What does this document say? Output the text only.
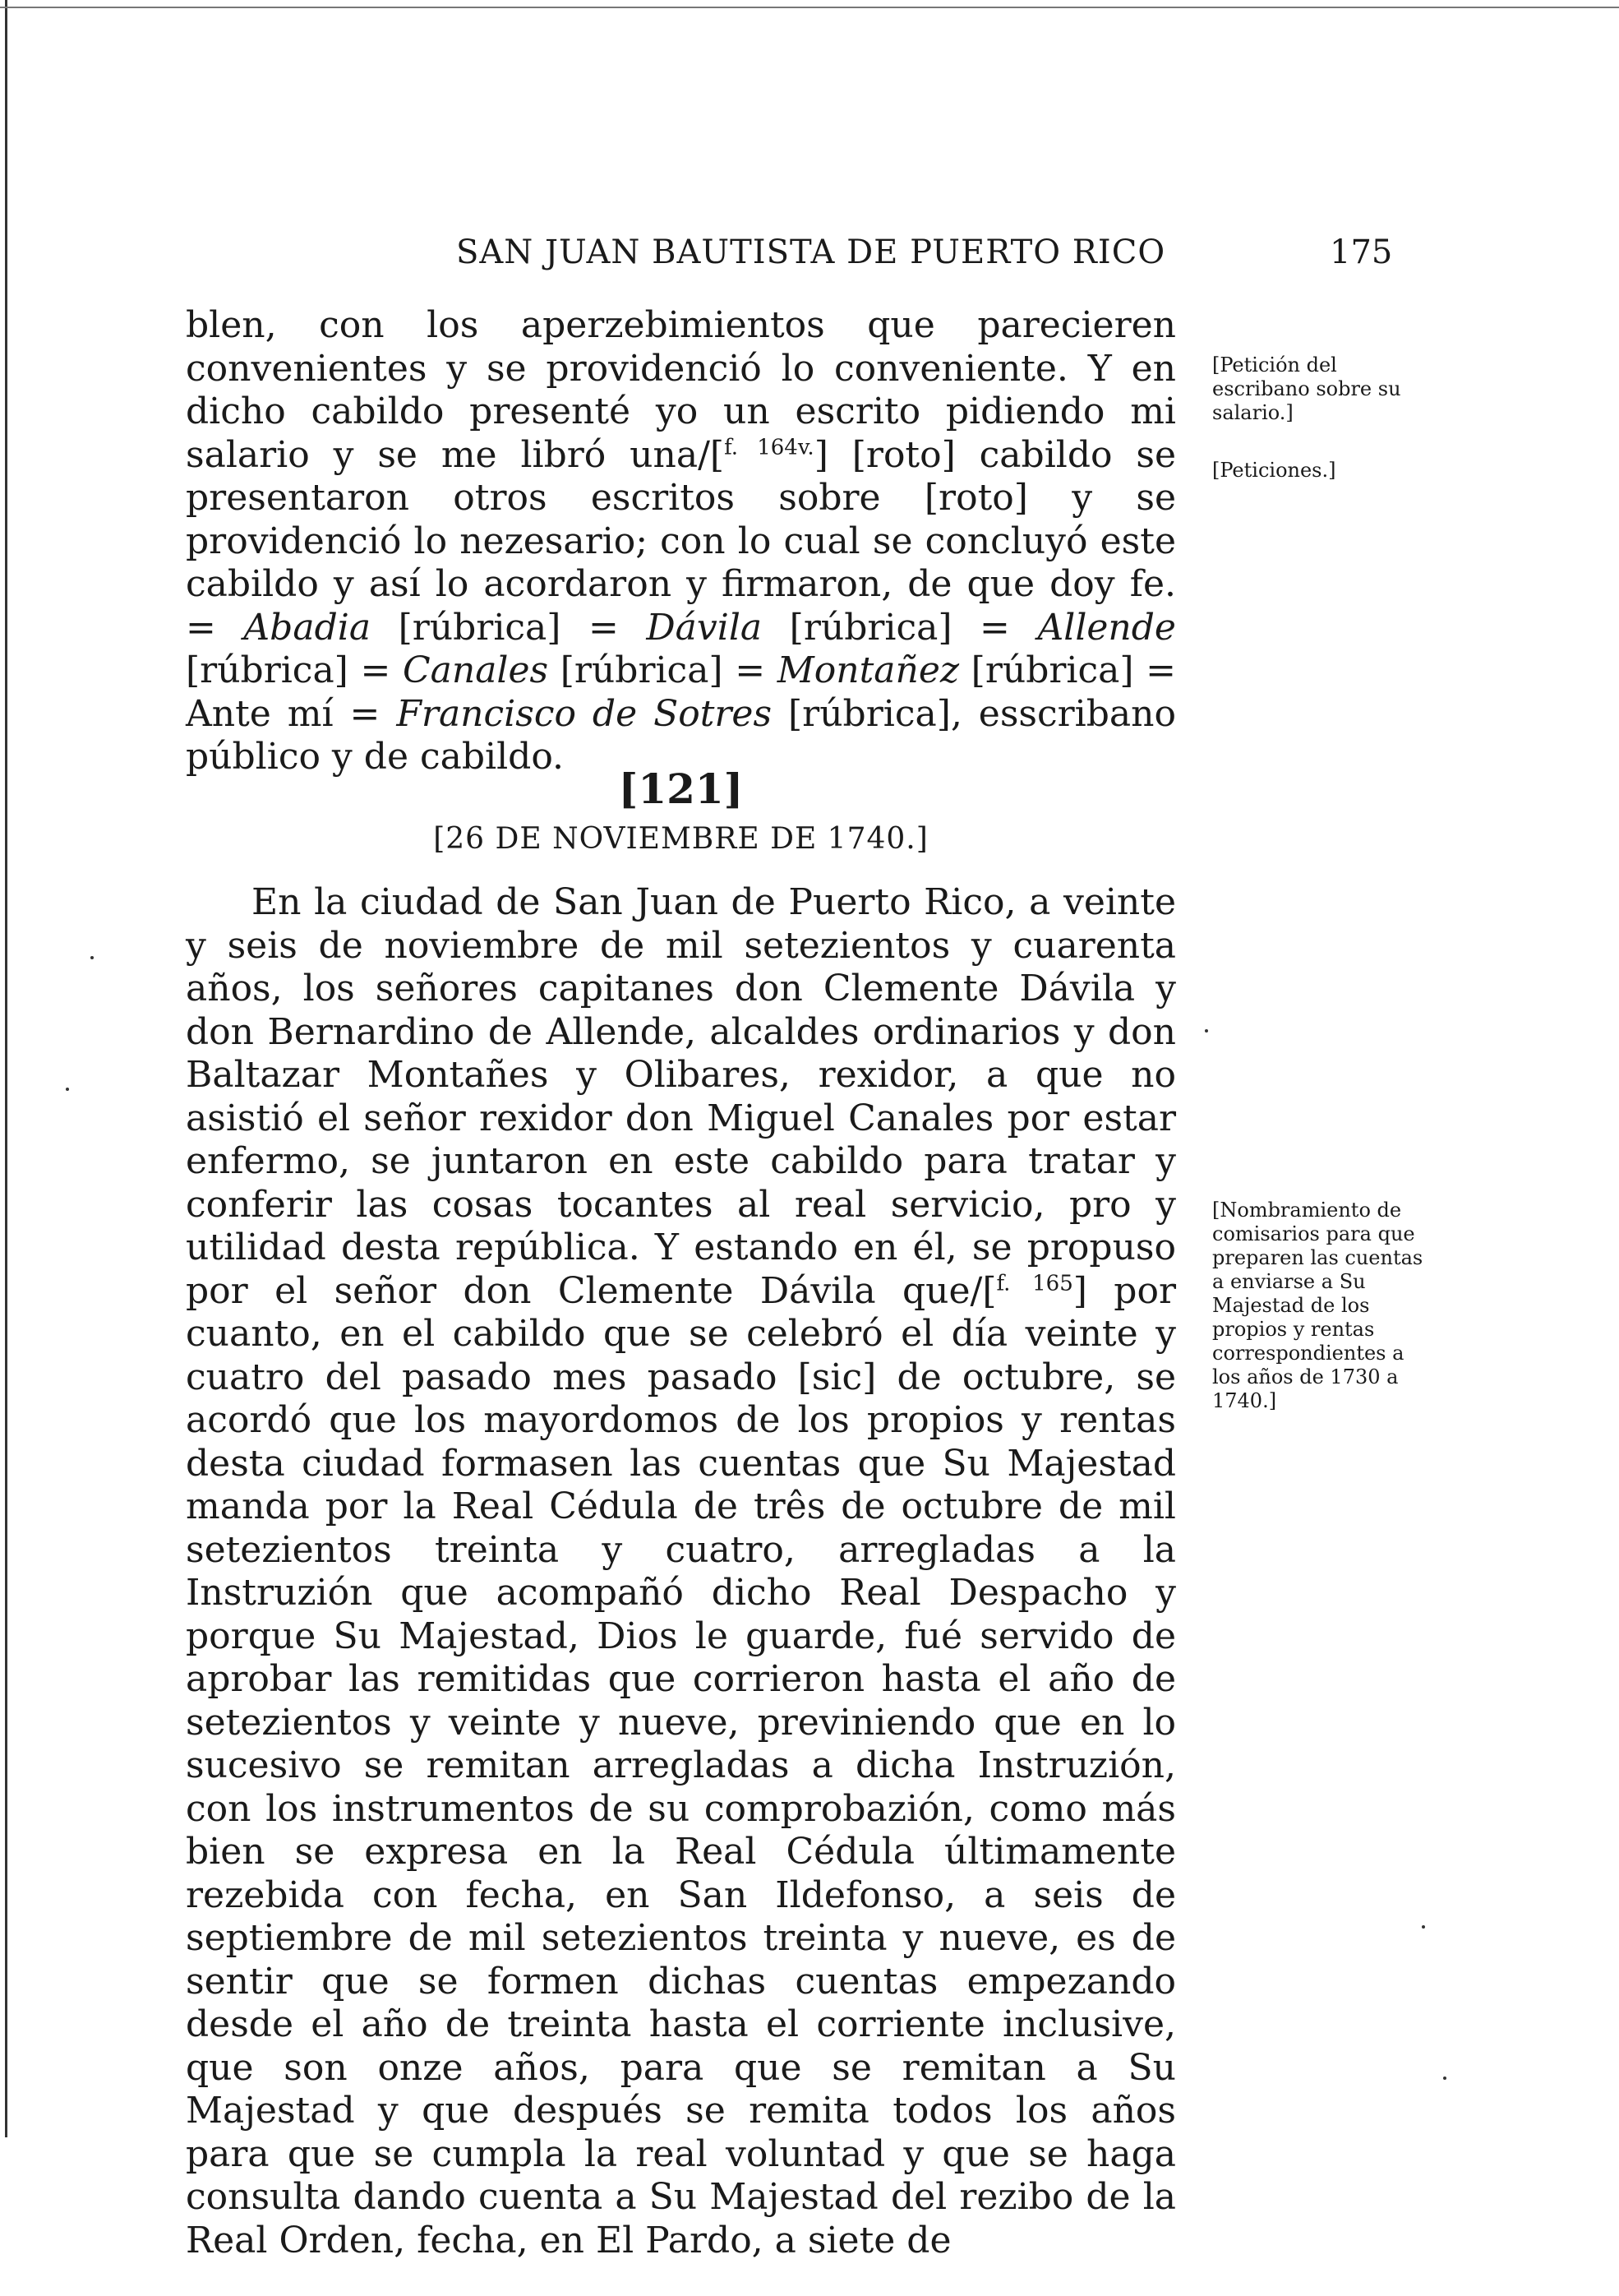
SAN JUAN BAUTISTA DE PUERTO RICO	175

blen, con los aperzebimientos que parecieren convenientes y se providenció lo conveniente. Y en dicho cabildo presenté yo un escrito pidiendo mi salario y se me libró una/[$^{f. 164v.}$] [roto] cabildo se presentaron otros escritos sobre [roto] y se providenció lo nezesario; con lo cual se concluyó este cabildo y así lo acordaron y firmaron, de que doy fe. = Abadia [rúbrica] = Dávila [rúbrica] = Allende [rúbrica] = Canales [rúbrica] = Montañez [rúbrica] = Ante mí = Francisco de Sotres [rúbrica], esscribano público y de cabildo.

[Petición del escribano sobre su salario.]
[Peticiones.]
[121]
[26 DE NOVIEMBRE DE 1740.]

En la ciudad de San Juan de Puerto Rico, a veinte y seis de noviembre de mil setezientos y cuarenta años, los señores capitanes don Clemente Dávila y don Bernardino de Allende, alcaldes ordinarios y don Baltazar Montañes y Olibares, rexidor, a que no asistió el señor rexidor don Miguel Canales por estar enfermo, se juntaron en este cabildo para tratar y conferir las cosas tocantes al real servicio, pro y utilidad desta república. Y estando en él, se propuso por el señor don Clemente Dávila que/[$^{f. 165}$] por cuanto, en el cabildo que se celebró el día veinte y cuatro del pasado mes pasado [sic] de octubre, se acordó que los mayordomos de los propios y rentas desta ciudad formasen las cuentas que Su Majestad manda por la Real Cédula de três de octubre de mil setezientos treinta y cuatro, arregladas a la Instruzión que acompañó dicho Real Despacho y porque Su Majestad, Dios le guarde, fué servido de aprobar las remitidas que corrieron hasta el año de setezientos y veinte y nueve, previniendo que en lo sucesivo se remitan arregladas a dicha Instruzión, con los instrumentos de su comprobazión, como más bien se expresa en la Real Cédula últimamente rezebida con fecha, en San Ildefonso, a seis de septiembre de mil setezientos treinta y nueve, es de sentir que se formen dichas cuentas empezando desde el año de treinta hasta el corriente inclusive, que son onze años, para que se remitan a Su Majestad y que después se remita todos los años para que se cumpla la real voluntad y que se haga consulta dando cuenta a Su Majestad del rezibo de la Real Orden, fecha, en El Pardo, a siete de

[Nombramiento de comisarios para que preparen las cuentas a enviarse a Su Majestad de los propios y rentas correspondientes a los años de 1730 a 1740.]
